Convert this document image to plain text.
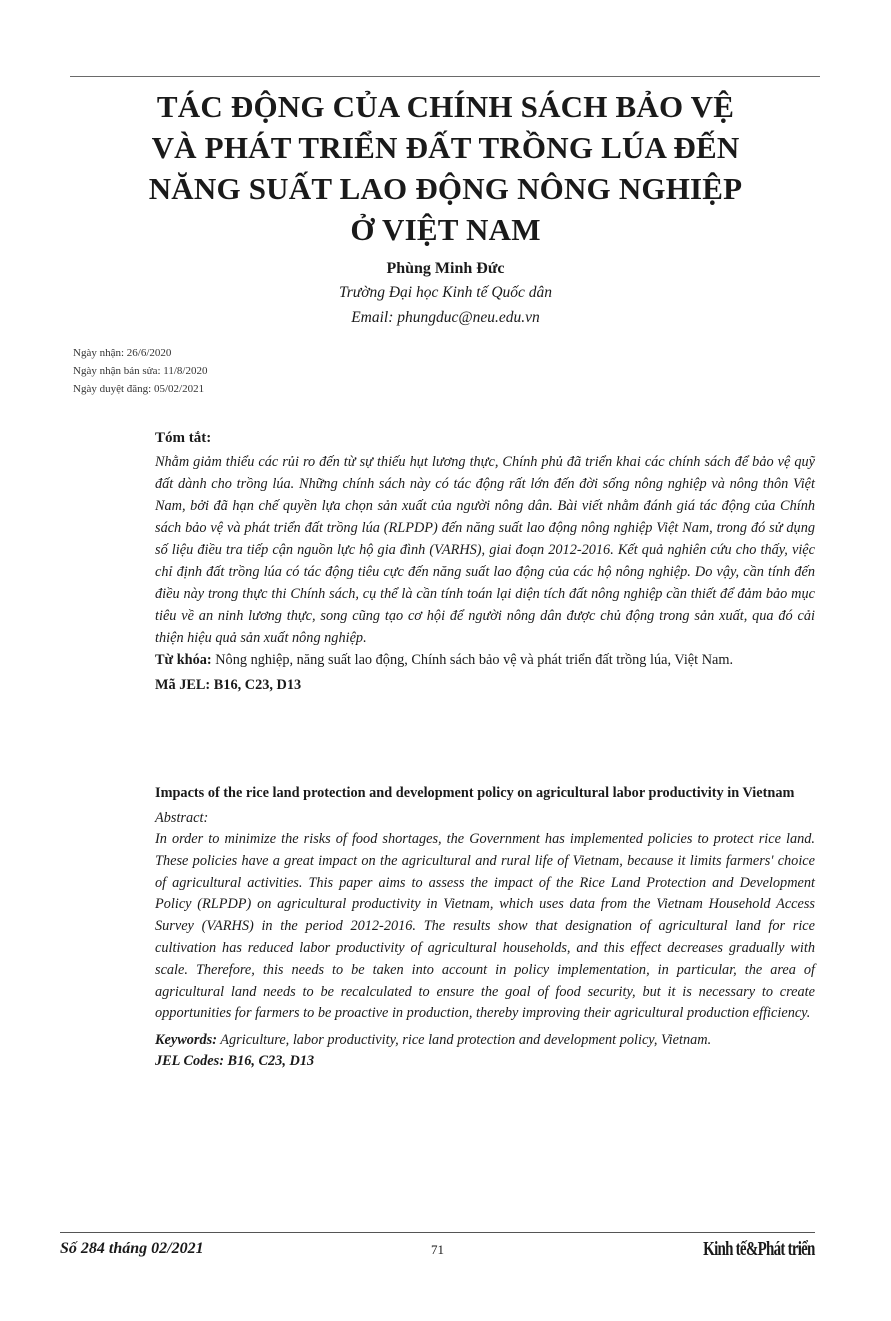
TÁC ĐỘNG CỦA CHÍNH SÁCH BẢO VỆ
VÀ PHÁT TRIỂN ĐẤT TRỒNG LÚA ĐẾN
NĂNG SUẤT LAO ĐỘNG NÔNG NGHIỆP
Ở VIỆT NAM
Phùng Minh Đức
Trường Đại học Kinh tế Quốc dân
Email: phungduc@neu.edu.vn
Ngày nhận: 26/6/2020
Ngày nhận bản sửa: 11/8/2020
Ngày duyệt đăng: 05/02/2021
Tóm tắt:
Nhằm giảm thiểu các rủi ro đến từ sự thiếu hụt lương thực, Chính phủ đã triển khai các chính sách để bảo vệ quỹ đất dành cho trồng lúa. Những chính sách này có tác động rất lớn đến đời sống nông nghiệp và nông thôn Việt Nam, bởi đã hạn chế quyền lựa chọn sản xuất của người nông dân. Bài viết nhằm đánh giá tác động của Chính sách bảo vệ và phát triển đất trồng lúa (RLPDP) đến năng suất lao động nông nghiệp Việt Nam, trong đó sử dụng số liệu điều tra tiếp cận nguồn lực hộ gia đình (VARHS), giai đoạn 2012-2016. Kết quả nghiên cứu cho thấy, việc chỉ định đất trồng lúa có tác động tiêu cực đến năng suất lao động của các hộ nông nghiệp. Do vậy, cần tính đến điều này trong thực thi Chính sách, cụ thể là cần tính toán lại diện tích đất nông nghiệp cần thiết để đảm bảo mục tiêu về an ninh lương thực, song cũng tạo cơ hội để người nông dân được chủ động trong sản xuất, qua đó cải thiện hiệu quả sản xuất nông nghiệp.
Từ khóa: Nông nghiệp, năng suất lao động, Chính sách bảo vệ và phát triển đất trồng lúa, Việt Nam.
Mã JEL: B16, C23, D13
Impacts of the rice land protection and development policy on agricultural labor productivity in Vietnam
Abstract:
In order to minimize the risks of food shortages, the Government has implemented policies to protect rice land. These policies have a great impact on the agricultural and rural life of Vietnam, because it limits farmers' choice of agricultural activities. This paper aims to assess the impact of the Rice Land Protection and Development Policy (RLPDP) on agricultural productivity in Vietnam, which uses data from the Vietnam Household Access Survey (VARHS) in the period 2012-2016. The results show that designation of agricultural land for rice cultivation has reduced labor productivity of agricultural households, and this effect decreases gradually with scale. Therefore, this needs to be taken into account in policy implementation, in particular, the area of agricultural land needs to be recalculated to ensure the goal of food security, but it is necessary to create opportunities for farmers to be proactive in production, thereby improving their agricultural production efficiency.
Keywords: Agriculture, labor productivity, rice land protection and development policy, Vietnam.
JEL Codes: B16, C23, D13
Số 284 tháng 02/2021	71	Kinh tế&Phát triển
